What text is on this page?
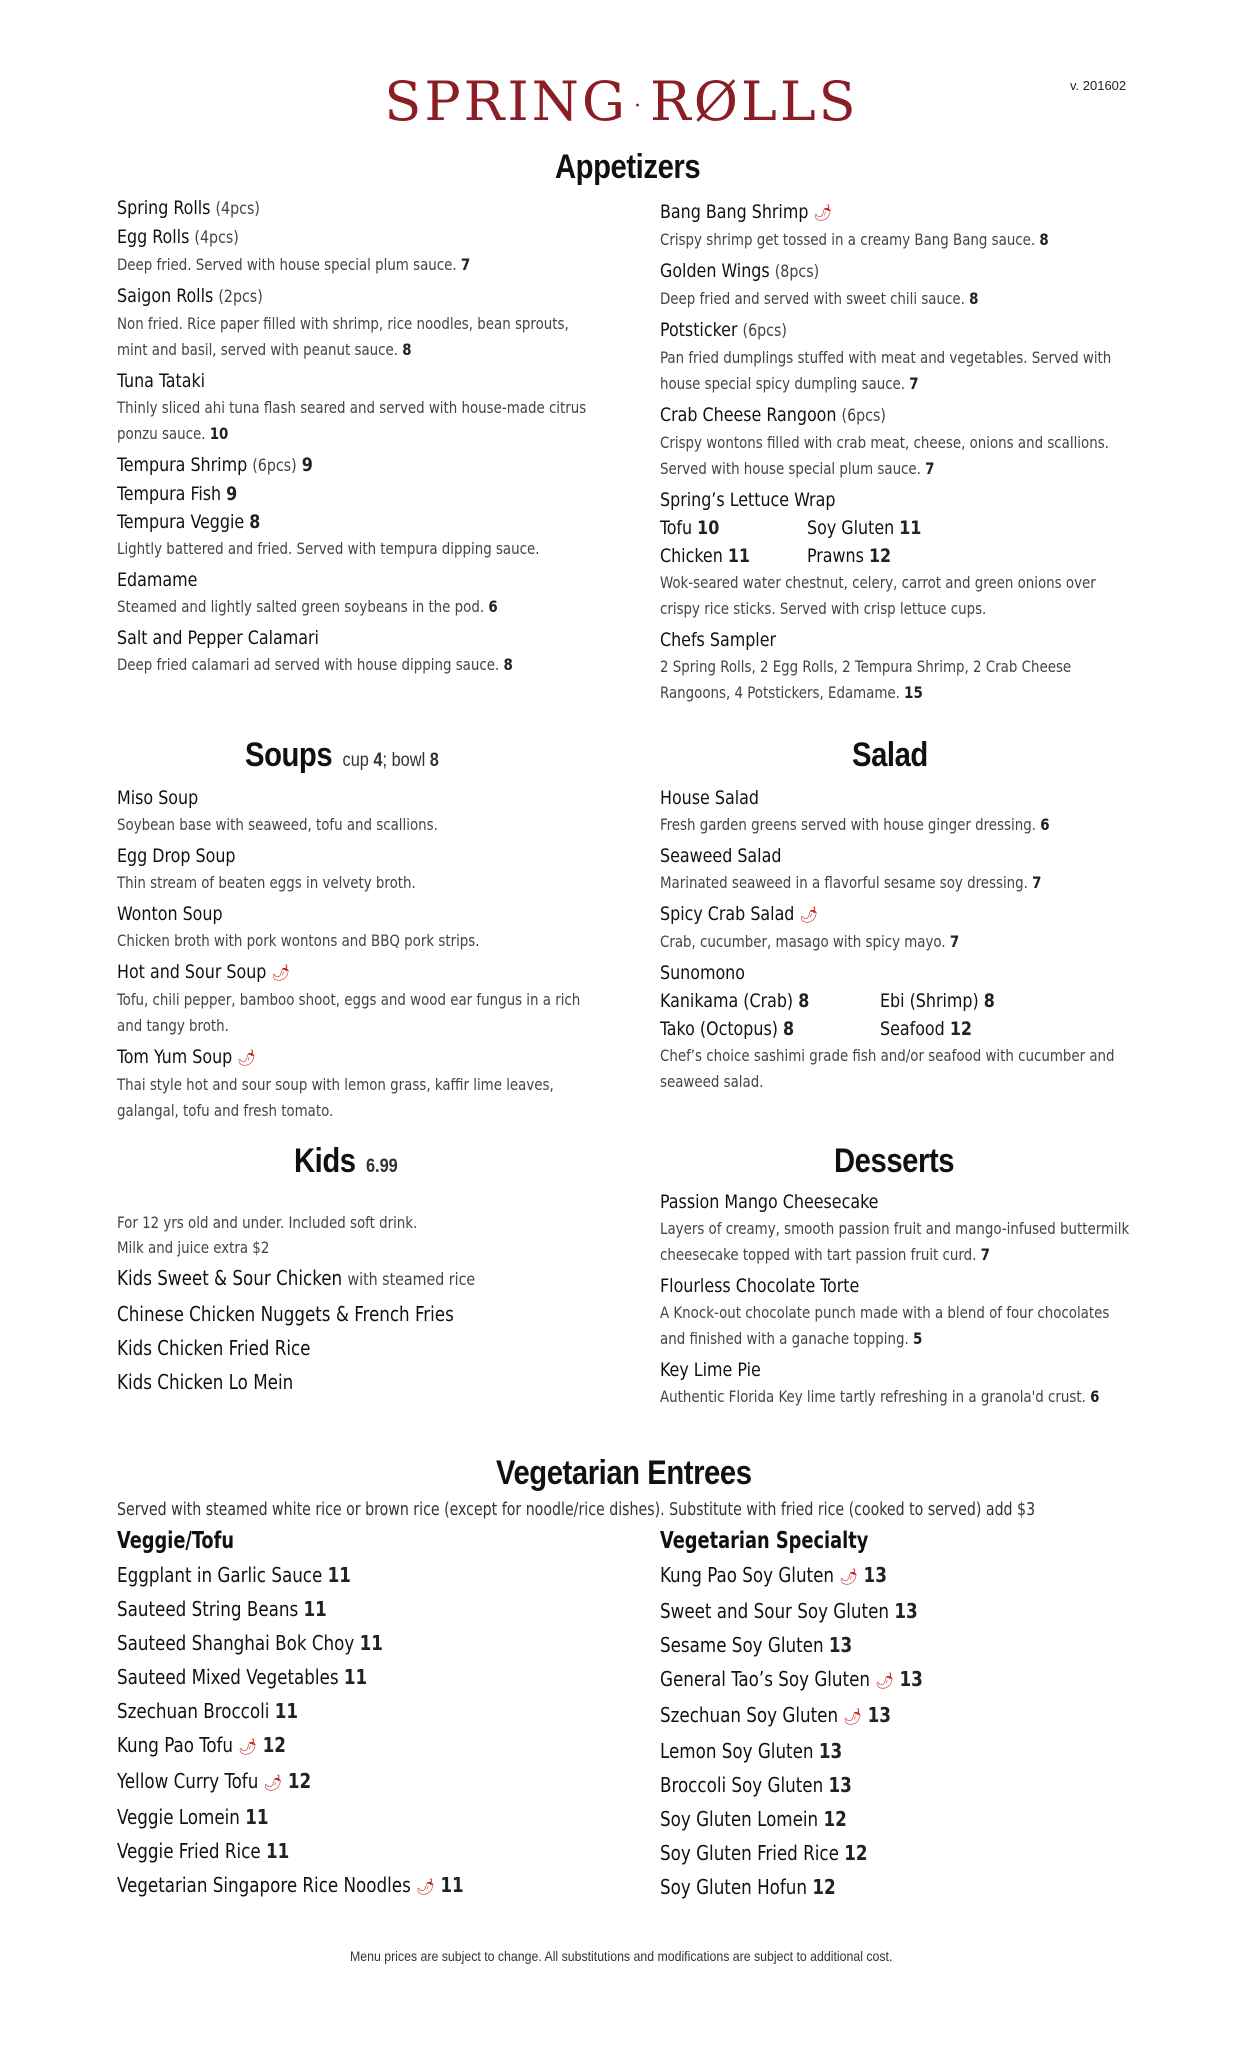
SPRING · RØLLS	v. 201602
Appetizers
Spring Rolls (4pcs)
Egg Rolls (4pcs)
Deep fried. Served with house special plum sauce. 7
Saigon Rolls (2pcs)
Non fried. Rice paper filled with shrimp, rice noodles, bean sprouts, mint and basil, served with peanut sauce. 8
Tuna Tataki
Thinly sliced ahi tuna flash seared and served with house-made citrus ponzu sauce. 10
Tempura Shrimp (6pcs) 9
Tempura Fish 9
Tempura Veggie 8
Lightly battered and fried. Served with tempura dipping sauce.
Edamame
Steamed and lightly salted green soybeans in the pod. 6
Salt and Pepper Calamari
Deep fried calamari ad served with house dipping sauce. 8
Bang Bang Shrimp 🌶
Crispy shrimp get tossed in a creamy Bang Bang sauce. 8
Golden Wings (8pcs)
Deep fried and served with sweet chili sauce. 8
Potsticker (6pcs)
Pan fried dumplings stuffed with meat and vegetables. Served with house special spicy dumpling sauce. 7
Crab Cheese Rangoon (6pcs)
Crispy wontons filled with crab meat, cheese, onions and scallions. Served with house special plum sauce. 7
Spring’s Lettuce Wrap
Tofu 10	Soy Gluten 11
Chicken 11	Prawns 12
Wok-seared water chestnut, celery, carrot and green onions over crispy rice sticks. Served with crisp lettuce cups.
Chefs Sampler
2 Spring Rolls, 2 Egg Rolls, 2 Tempura Shrimp, 2 Crab Cheese Rangoons, 4 Potstickers, Edamame. 15
Soups cup 4; bowl 8
Miso Soup
Soybean base with seaweed, tofu and scallions.
Egg Drop Soup
Thin stream of beaten eggs in velvety broth.
Wonton Soup
Chicken broth with pork wontons and BBQ pork strips.
Hot and Sour Soup 🌶
Tofu, chili pepper, bamboo shoot, eggs and wood ear fungus in a rich and tangy broth.
Tom Yum Soup 🌶
Thai style hot and sour soup with lemon grass, kaffir lime leaves, galangal, tofu and fresh tomato.
Salad
House Salad
Fresh garden greens served with house ginger dressing. 6
Seaweed Salad
Marinated seaweed in a flavorful sesame soy dressing. 7
Spicy Crab Salad 🌶
Crab, cucumber, masago with spicy mayo. 7
Sunomono
Kanikama (Crab) 8	Ebi (Shrimp) 8
Tako (Octopus) 8	Seafood 12
Chef’s choice sashimi grade fish and/or seafood with cucumber and seaweed salad.
Kids 6.99
For 12 yrs old and under. Included soft drink.
Milk and juice extra $2
Kids Sweet & Sour Chicken with steamed rice
Chinese Chicken Nuggets & French Fries
Kids Chicken Fried Rice
Kids Chicken Lo Mein
Desserts
Passion Mango Cheesecake
Layers of creamy, smooth passion fruit and mango-infused buttermilk cheesecake topped with tart passion fruit curd. 7
Flourless Chocolate Torte
A Knock-out chocolate punch made with a blend of four chocolates and finished with a ganache topping. 5
Key Lime Pie
Authentic Florida Key lime tartly refreshing in a granola'd crust. 6
Vegetarian Entrees
Served with steamed white rice or brown rice (except for noodle/rice dishes). Substitute with fried rice (cooked to served) add $3
Veggie/Tofu
Eggplant in Garlic Sauce 11
Sauteed String Beans 11
Sauteed Shanghai Bok Choy 11
Sauteed Mixed Vegetables 11
Szechuan Broccoli 11
Kung Pao Tofu 🌶 12
Yellow Curry Tofu 🌶 12
Veggie Lomein 11
Veggie Fried Rice 11
Vegetarian Singapore Rice Noodles 🌶 11
Vegetarian Specialty
Kung Pao Soy Gluten 🌶 13
Sweet and Sour Soy Gluten 13
Sesame Soy Gluten 13
General Tao’s Soy Gluten 🌶 13
Szechuan Soy Gluten 🌶 13
Lemon Soy Gluten 13
Broccoli Soy Gluten 13
Soy Gluten Lomein 12
Soy Gluten Fried Rice 12
Soy Gluten Hofun 12
Menu prices are subject to change. All substitutions and modifications are subject to additional cost.
